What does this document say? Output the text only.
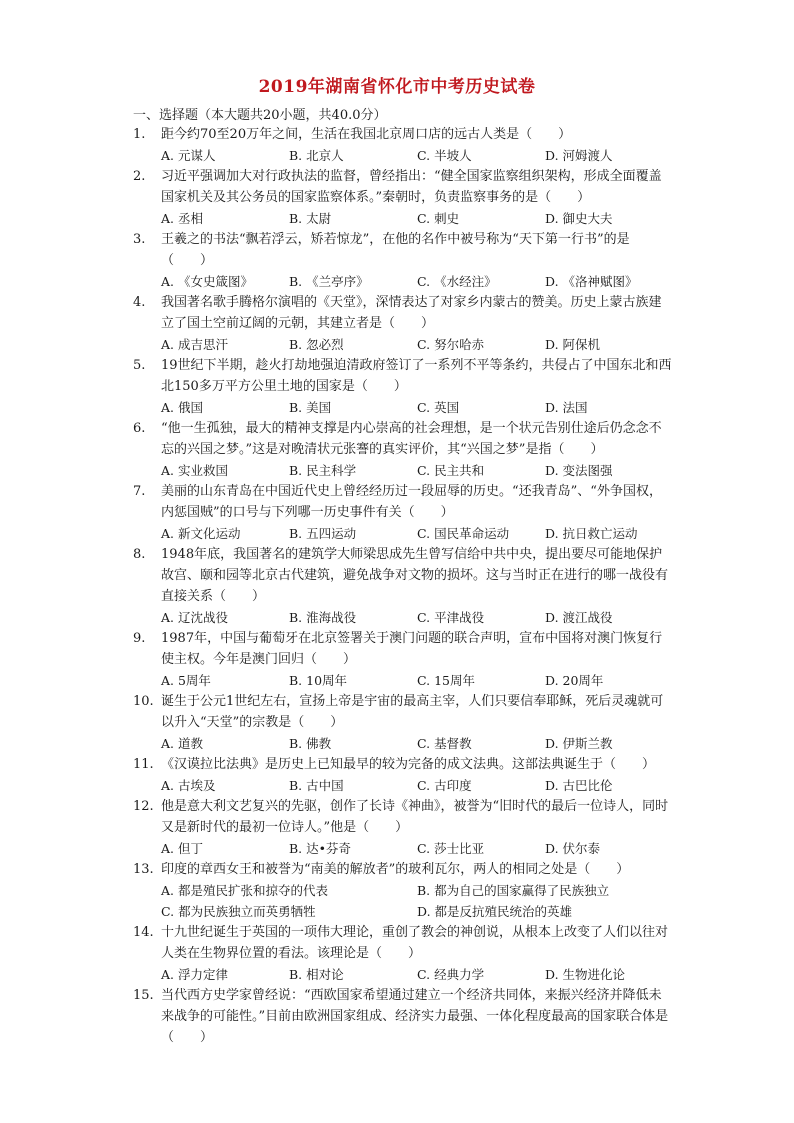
2019年湖南省怀化市中考历史试卷
一、选择题（本大题共20小题，共40.0分）
1. 距今约70至20万年之间，生活在我国北京周口店的远古人类是（　　）
A. 元谋人	B. 北京人	C. 半坡人	D. 河姆渡人
2. 习近平强调加大对行政执法的监督，曾经指出：“健全国家监察组织架构，形成全面覆盖国家机关及其公务员的国家监察体系。”秦朝时，负责监察事务的是（　　）
A. 丞相	B. 太尉	C. 刺史	D. 御史大夫
3. 王羲之的书法“飘若浮云，矫若惊龙”，在他的名作中被号称为“天下第一行书”的是（　　）
A. 《女史箴图》	B. 《兰亭序》	C. 《水经注》	D. 《洛神赋图》
4. 我国著名歌手腾格尔演唱的《天堂》，深情表达了对家乡内蒙古的赞美。历史上蒙古族建立了国土空前辽阔的元朝，其建立者是（　　）
A. 成吉思汗	B. 忽必烈	C. 努尔哈赤	D. 阿保机
5. 19世纪下半期，趁火打劫地强迫清政府签订了一系列不平等条约，共侵占了中国东北和西北150多万平方公里土地的国家是（　　）
A. 俄国	B. 美国	C. 英国	D. 法国
6. “他一生孤独，最大的精神支撑是内心崇高的社会理想，是一个状元告别仕途后仍念念不忘的兴国之梦。”这是对晚清状元张謇的真实评价，其“兴国之梦”是指（　　）
A. 实业救国	B. 民主科学	C. 民主共和	D. 变法图强
7. 美丽的山东青岛在中国近代史上曾经经历过一段屈辱的历史。“还我青岛”、“外争国权，内惩国贼”的口号与下列哪一历史事件有关（　　）
A. 新文化运动	B. 五四运动	C. 国民革命运动	D. 抗日救亡运动
8. 1948年底，我国著名的建筑学大师梁思成先生曾写信给中共中央，提出要尽可能地保护故宫、颐和园等北京古代建筑，避免战争对文物的损坏。这与当时正在进行的哪一战役有直接关系（　　）
A. 辽沈战役	B. 淮海战役	C. 平津战役	D. 渡江战役
9. 1987年，中国与葡萄牙在北京签署关于澳门问题的联合声明，宣布中国将对澳门恢复行使主权。今年是澳门回归（　　）
A. 5周年	B. 10周年	C. 15周年	D. 20周年
10. 诞生于公元1世纪左右，宣扬上帝是宇宙的最高主宰，人们只要信奉耶稣，死后灵魂就可以升入“天堂”的宗教是（　　）
A. 道教	B. 佛教	C. 基督教	D. 伊斯兰教
11. 《汉谟拉比法典》是历史上已知最早的较为完备的成文法典。这部法典诞生于（　　）
A. 古埃及	B. 古中国	C. 古印度	D. 古巴比伦
12. 他是意大利文艺复兴的先驱，创作了长诗《神曲》，被誉为“旧时代的最后一位诗人，同时又是新时代的最初一位诗人。”他是（　　）
A. 但丁	B. 达•芬奇	C. 莎士比亚	D. 伏尔泰
13. 印度的章西女王和被誉为“南美的解放者”的玻利瓦尔，两人的相同之处是（　　）
A. 都是殖民扩张和掠夺的代表	B. 都为自己的国家赢得了民族独立
C. 都为民族独立而英勇牺牲	D. 都是反抗殖民统治的英雄
14. 十九世纪诞生于英国的一项伟大理论，重创了教会的神创说，从根本上改变了人们以往对人类在生物界位置的看法。该理论是（　　）
A. 浮力定律	B. 相对论	C. 经典力学	D. 生物进化论
15. 当代西方史学家曾经说：“西欧国家希望通过建立一个经济共同体，来振兴经济并降低未来战争的可能性。”目前由欧洲国家组成、经济实力最强、一体化程度最高的国家联合体是（　　）
